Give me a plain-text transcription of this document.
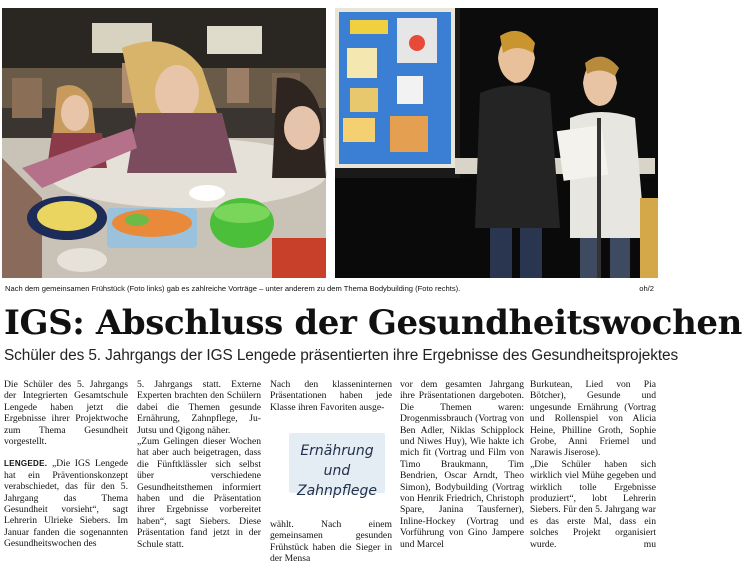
Nach dem gemeinsamen Frühstück (Foto links) gab es zahlreiche Vorträge – unter anderem zu dem Thema Bodybuilding (Foto rechts).	oh/2
IGS: Abschluss der Gesundheitswochen
Schüler des 5. Jahrgangs der IGS Lengede präsentierten ihre Ergebnisse des Gesundheitsprojektes

Die Schüler des 5. Jahrgangs der Integrierten Gesamtschule Lengede haben jetzt die Ergebnisse ihrer Projektwoche zum Thema Gesundheit vorgestellt.

LENGEDE. „Die IGS Lengede hat ein Präventionskonzept verabschiedet, das für den 5. Jahrgang das Thema Gesundheit vorsieht“, sagt Lehrerin Ulrieke Siebers. Im Januar fanden die sogenannten Gesundheitswochen des

5. Jahrgangs statt. Externe Experten brachten den Schülern dabei die Themen gesunde Ernährung, Zahnpflege, Ju-Jutsu und Qigong näher.

„Zum Gelingen dieser Wochen hat aber auch beigetragen, dass die Fünftklässler sich selbst über verschiedene Gesundheitsthemen informiert haben und die Präsentation ihrer Ergebnisse vorbereitet haben“, sagt Siebers. Diese Präsentation fand jetzt in der Schule statt.

Nach den klasseninternen Präsentationen haben jede Klasse ihren Favoriten ausge-

Ernährung
und
Zahnpflege

wählt. Nach einem gemeinsamen gesunden Frühstück haben die Sieger in der Mensa

vor dem gesamten Jahrgang ihre Präsentationen dargeboten. Die Themen waren: Drogenmissbrauch (Vortrag von Ben Adler, Niklas Schipplock und Niwes Huy), Wie hakte ich mich fit (Vortrag und Film von Timo Braukmann, Tim Bendrien, Oscar Arndt, Theo Simon), Bodybuilding (Vortrag von Henrik Friedrich, Christoph Spare, Janina Tausferner), Inline-Hockey (Vortrag und Vorführung von Gino Jampere und Marcel

Burkutean, Lied von Pia Bötcher), Gesunde und ungesunde Ernährung (Vortrag und Rollenspiel von Alicia Heine, Philline Groth, Sophie Grobe, Anni Friemel und Narawis Jiserose).

„Die Schüler haben sich wirklich viel Mühe gegeben und wirklich tolle Ergebnisse produziert“, lobt Lehrerin Siebers. Für den 5. Jahrgang war es das erste Mal, dass ein solches Projekt organisiert wurde.	mu
